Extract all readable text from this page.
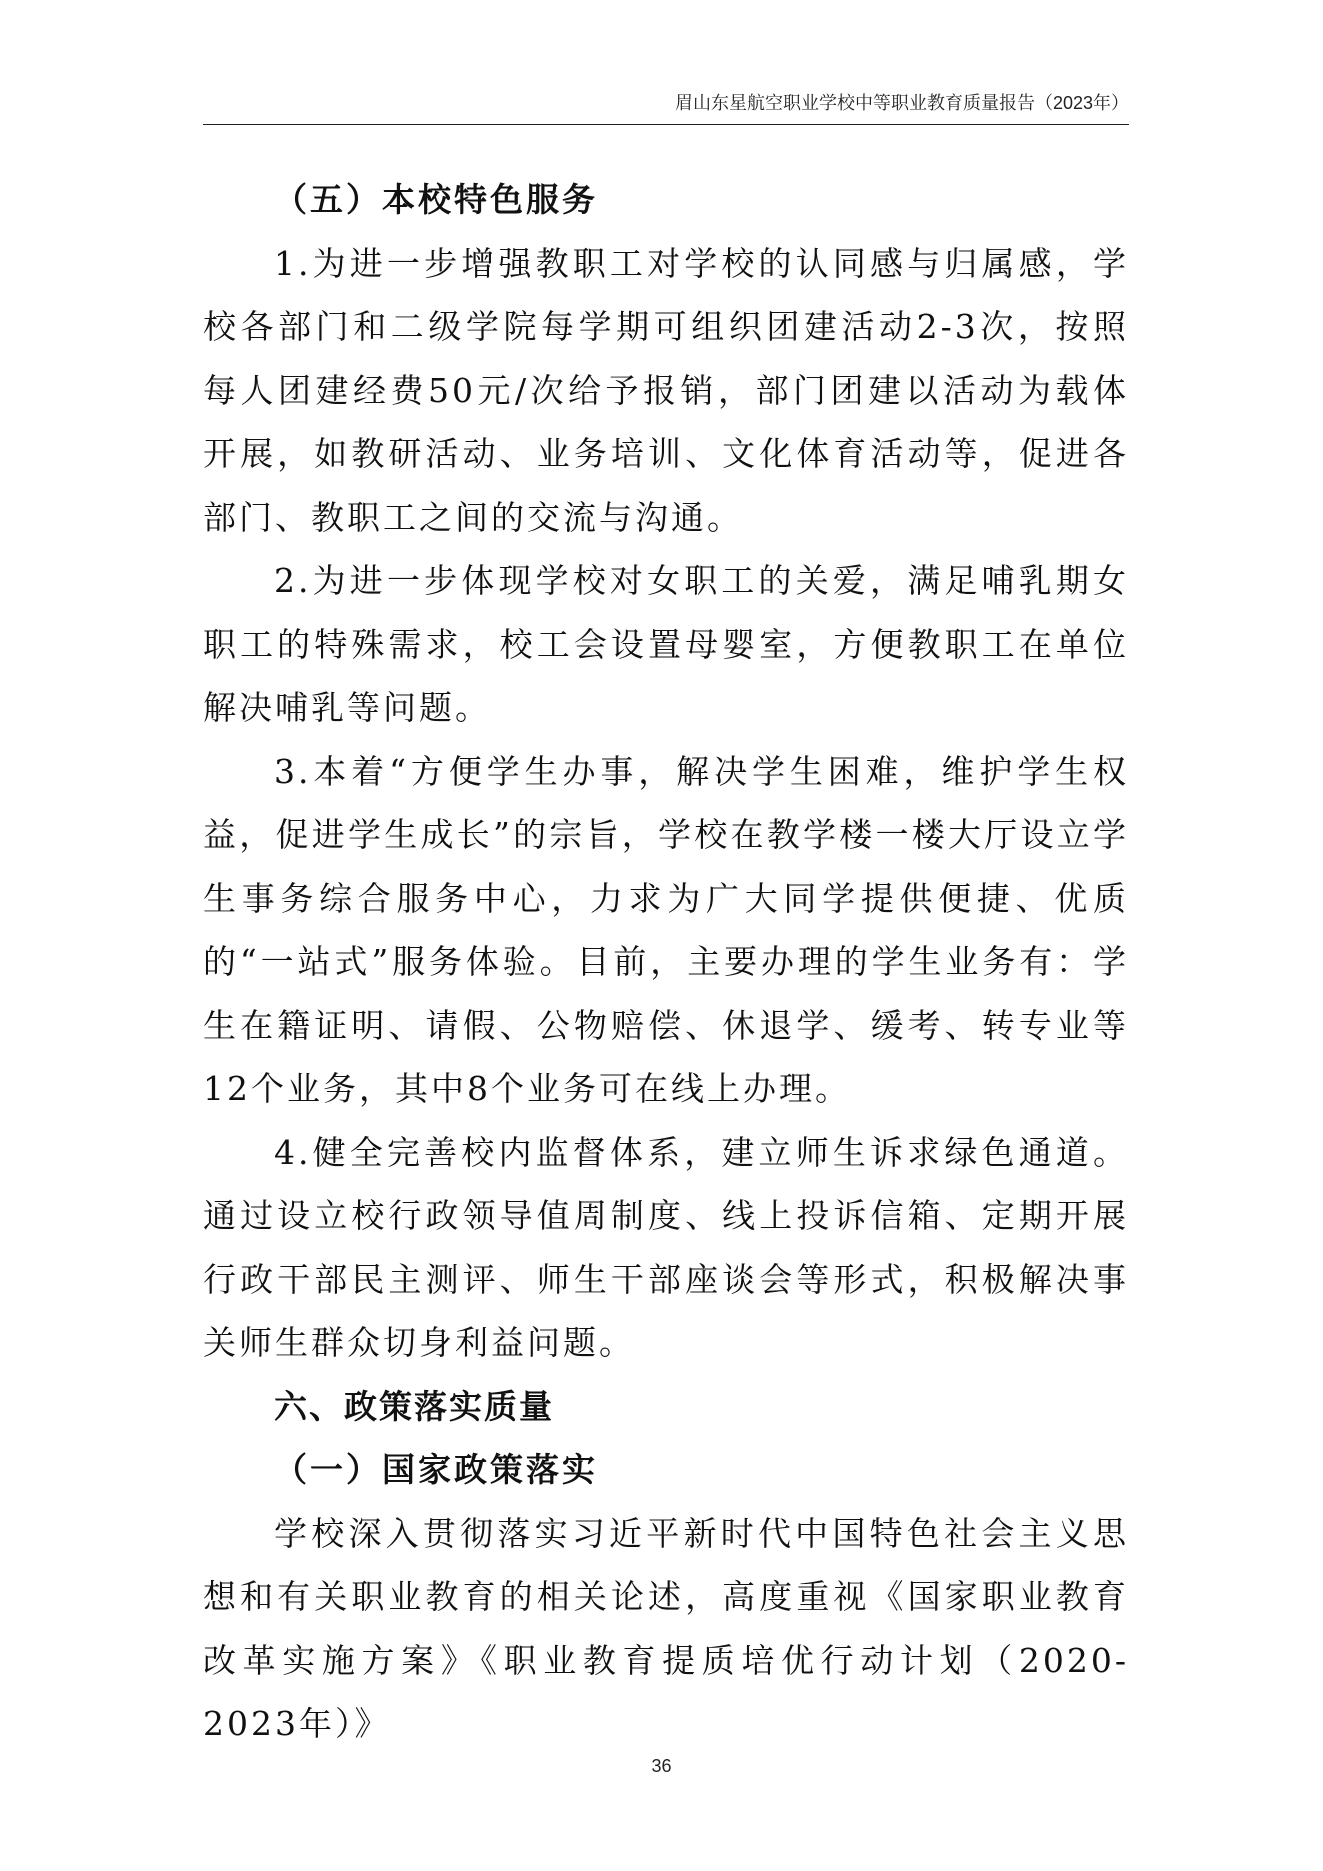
眉山东星航空职业学校中等职业教育质量报告（2023年）
（五）本校特色服务

1.为进一步增强教职工对学校的认同感与归属感，学校各部门和二级学院每学期可组织团建活动2-3次，按照每人团建经费50元/次给予报销，部门团建以活动为载体开展，如教研活动、业务培训、文化体育活动等，促进各部门、教职工之间的交流与沟通。

2.为进一步体现学校对女职工的关爱，满足哺乳期女职工的特殊需求，校工会设置母婴室，方便教职工在单位解决哺乳等问题。

3.本着“方便学生办事，解决学生困难，维护学生权益，促进学生成长”的宗旨，学校在教学楼一楼大厅设立学生事务综合服务中心，力求为广大同学提供便捷、优质的“一站式”服务体验。目前，主要办理的学生业务有：学生在籍证明、请假、公物赔偿、休退学、缓考、转专业等12个业务，其中8个业务可在线上办理。

4.健全完善校内监督体系，建立师生诉求绿色通道。通过设立校行政领导值周制度、线上投诉信箱、定期开展行政干部民主测评、师生干部座谈会等形式，积极解决事关师生群众切身利益问题。

六、政策落实质量
（一）国家政策落实

学校深入贯彻落实习近平新时代中国特色社会主义思想和有关职业教育的相关论述，高度重视《国家职业教育改革实施方案》《职业教育提质培优行动计划（2020-2023年）》

36
